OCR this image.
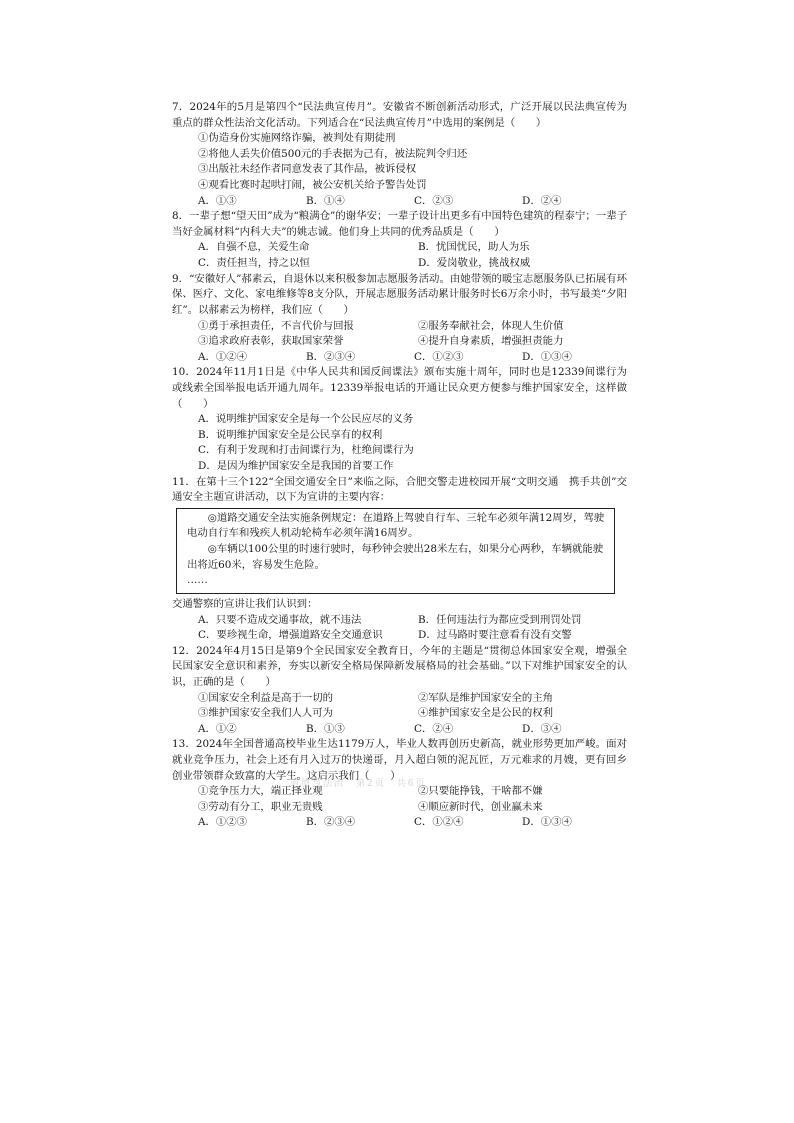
7．2024年的5月是第四个“民法典宣传月”。安徽省不断创新活动形式，广泛开展以民法典宣传为重点的群众性法治文化活动。下列适合在“民法典宣传月”中选用的案例是（　　）

①伪造身份实施网络诈骗，被判处有期徒刑
②将他人丢失价值500元的手表据为己有，被法院判令归还
③出版社未经作者同意发表了其作品，被诉侵权
④观看比赛时起哄打闹，被公安机关给予警告处罚
A．①③	B．①④	C．②③	D．②④

8．一辈子想“望天田”成为“粮满仓”的谢华安；一辈子设计出更多有中国特色建筑的程泰宁；一辈子当好金属材料“内科大夫”的姚志诚。他们身上共同的优秀品质是（　　）

A．自强不息，关爱生命	B．忧国忧民，助人为乐
C．责任担当，持之以恒	D．爱岗敬业，挑战权威

9．“安徽好人”郝素云，自退休以来积极参加志愿服务活动。由她带领的暖宝志愿服务队已拓展有环保、医疗、文化、家电维修等8支分队，开展志愿服务活动累计服务时长6万余小时，书写最美“夕阳红”。以郝素云为榜样，我们应（　　）

①勇于承担责任，不言代价与回报	②服务奉献社会，体现人生价值
③追求政府表彰，获取国家荣誉	④提升自身素质，增强担责能力
A．①②④	B．②③④	C．①②③	D．①③④

10．2024年11月1日是《中华人民共和国反间谍法》颁布实施十周年，同时也是12339间谍行为或线索全国举报电话开通九周年。12339举报电话的开通让民众更方便参与维护国家安全，这样做（　　）

A．说明维护国家安全是每一个公民应尽的义务
B．说明维护国家安全是公民享有的权利
C．有利于发现和打击间谍行为，杜绝间谍行为
D．是因为维护国家安全是我国的首要工作

11．在第十三个122“全国交通安全日”来临之际，合肥交警走进校园开展“文明交通　携手共创”交通安全主题宣讲活动，以下为宣讲的主要内容：

◎道路交通安全法实施条例规定：在道路上驾驶自行车、三轮车必须年满12周岁，驾驶电动自行车和残疾人机动轮椅车必须年满16周岁。

◎车辆以100公里的时速行驶时，每秒钟会驶出28米左右，如果分心两秒，车辆就能驶出将近60米，容易发生危险。

……

交通警察的宣讲让我们认识到：

A．只要不造成交通事故，就不违法	B．任何违法行为都应受到刑罚处罚
C．要珍视生命，增强道路安全交通意识	D．过马路时要注意看有没有交警

12．2024年4月15日是第9个全民国家安全教育日，今年的主题是“贯彻总体国家安全观，增强全民国家安全意识和素养，夯实以新安全格局保障新发展格局的社会基础。”以下对维护国家安全的认识，正确的是（　　）

①国家安全利益是高于一切的	②军队是维护国家安全的主角
③维护国家安全我们人人可为	④维护国家安全是公民的权利
A．①②	B．①③	C．②④	D．③④

13．2024年全国普通高校毕业生达1179万人，毕业人数再创历史新高，就业形势更加严峻。面对就业竞争压力，社会上还有月入过万的快递哥，月入超白领的泥瓦匠，万元难求的月嫂，更有回乡创业带领群众致富的大学生。这启示我们（　　）

①竞争压力大，端正择业观	②只要能挣钱，干啥都不嫌
③劳动有分工，职业无贵贱	④顺应新时代，创业赢未来
A．①②③	B．②③④	C．①②④	D．①③④
道德与法治　第2页　共6页
